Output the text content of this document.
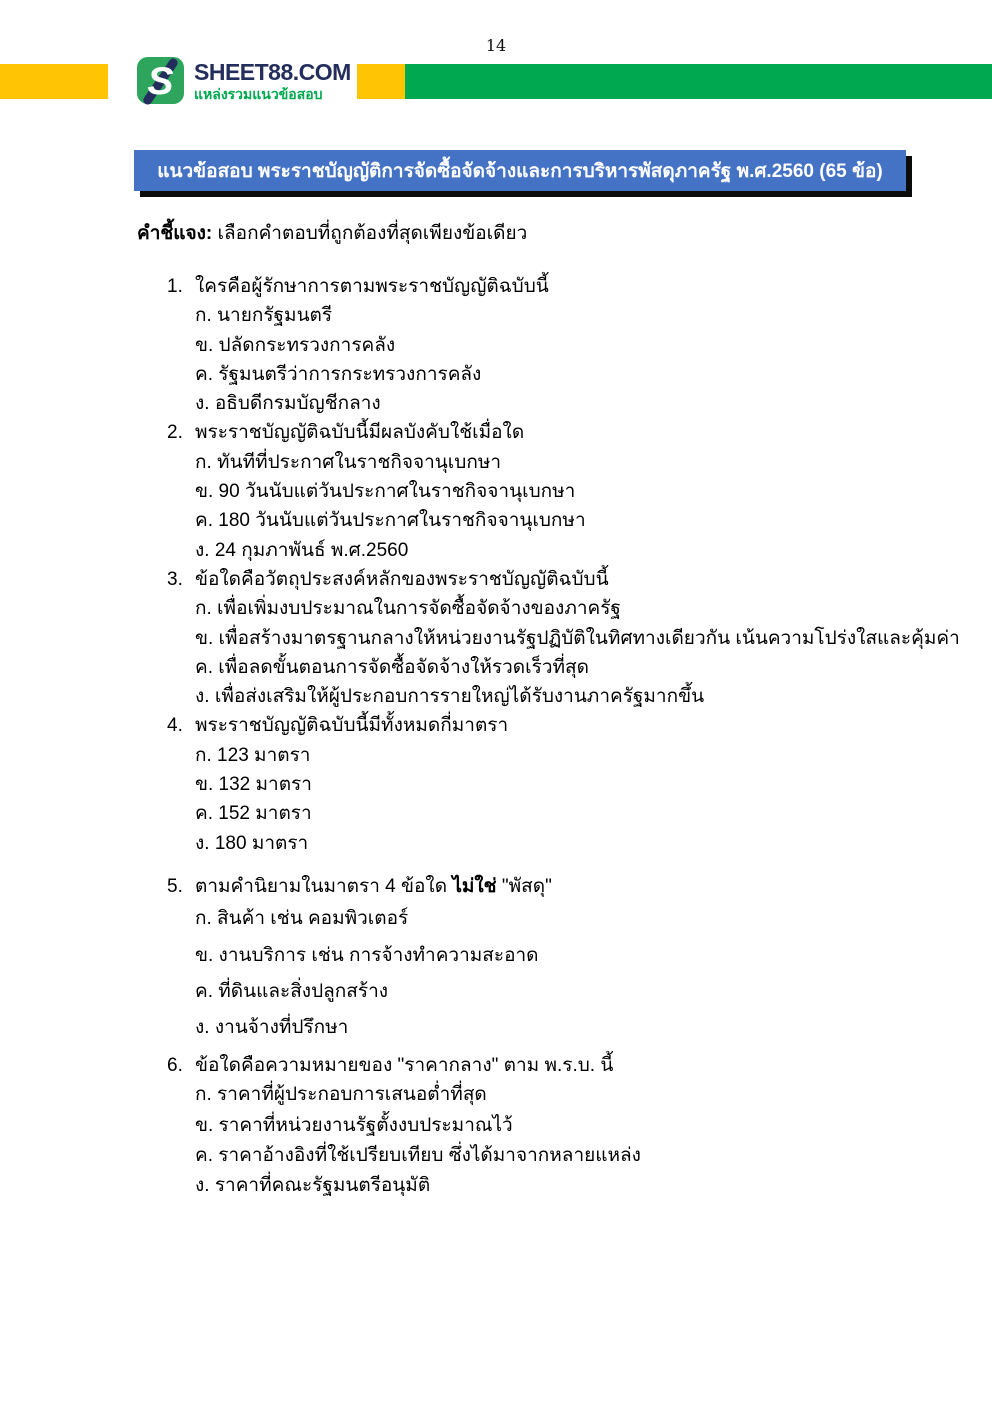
14
S SHEET88.COM
แหล่งรวมแนวข้อสอบ
แนวข้อสอบ พระราชบัญญัติการจัดซื้อจัดจ้างและการบริหารพัสดุภาครัฐ พ.ศ.2560 (65 ข้อ)
คำชี้แจง: เลือกคำตอบที่ถูกต้องที่สุดเพียงข้อเดียว
1. ใครคือผู้รักษาการตามพระราชบัญญัติฉบับนี้
ก. นายกรัฐมนตรี
ข. ปลัดกระทรวงการคลัง
ค. รัฐมนตรีว่าการกระทรวงการคลัง
ง. อธิบดีกรมบัญชีกลาง
2. พระราชบัญญัติฉบับนี้มีผลบังคับใช้เมื่อใด
ก. ทันทีที่ประกาศในราชกิจจานุเบกษา
ข. 90 วันนับแต่วันประกาศในราชกิจจานุเบกษา
ค. 180 วันนับแต่วันประกาศในราชกิจจานุเบกษา
ง. 24 กุมภาพันธ์ พ.ศ.2560
3. ข้อใดคือวัตถุประสงค์หลักของพระราชบัญญัติฉบับนี้
ก. เพื่อเพิ่มงบประมาณในการจัดซื้อจัดจ้างของภาครัฐ
ข. เพื่อสร้างมาตรฐานกลางให้หน่วยงานรัฐปฏิบัติในทิศทางเดียวกัน เน้นความโปร่งใสและคุ้มค่า
ค. เพื่อลดขั้นตอนการจัดซื้อจัดจ้างให้รวดเร็วที่สุด
ง. เพื่อส่งเสริมให้ผู้ประกอบการรายใหญ่ได้รับงานภาครัฐมากขึ้น
4. พระราชบัญญัติฉบับนี้มีทั้งหมดกี่มาตรา
ก. 123 มาตรา
ข. 132 มาตรา
ค. 152 มาตรา
ง. 180 มาตรา
5. ตามคำนิยามในมาตรา 4 ข้อใด ไม่ใช่ "พัสดุ"
ก. สินค้า เช่น คอมพิวเตอร์
ข. งานบริการ เช่น การจ้างทำความสะอาด
ค. ที่ดินและสิ่งปลูกสร้าง
ง. งานจ้างที่ปรึกษา
6. ข้อใดคือความหมายของ "ราคากลาง" ตาม พ.ร.บ. นี้
ก. ราคาที่ผู้ประกอบการเสนอต่ำที่สุด
ข. ราคาที่หน่วยงานรัฐตั้งงบประมาณไว้
ค. ราคาอ้างอิงที่ใช้เปรียบเทียบ ซึ่งได้มาจากหลายแหล่ง
ง. ราคาที่คณะรัฐมนตรีอนุมัติ
